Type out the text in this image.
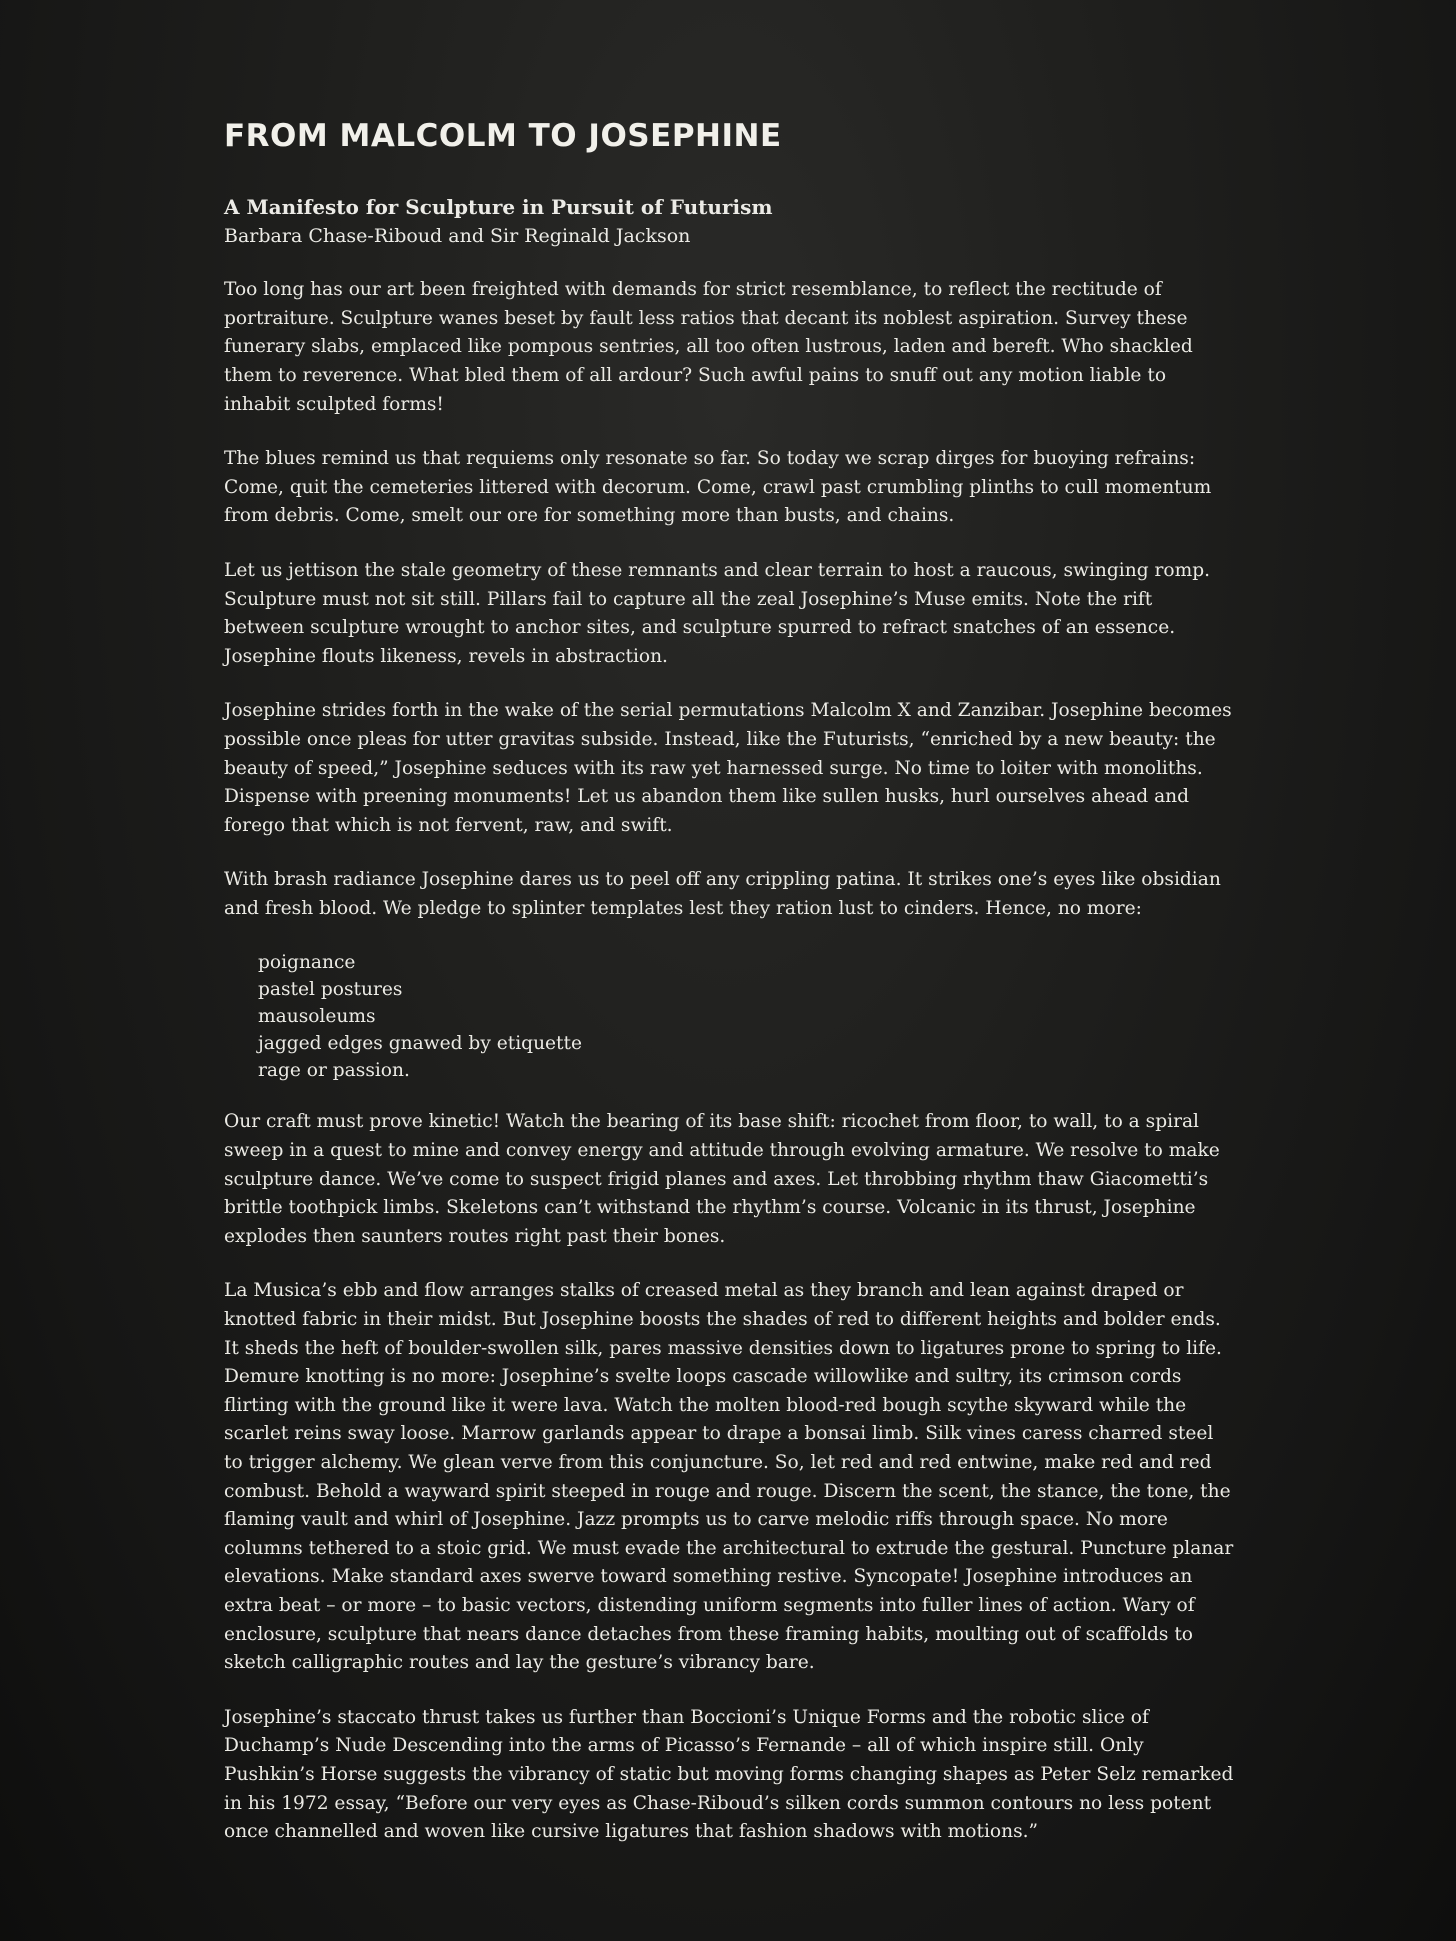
FROM MALCOLM TO JOSEPHINE
A Manifesto for Sculpture in Pursuit of Futurism
Barbara Chase-Riboud and Sir Reginald Jackson

Too long has our art been freighted with demands for strict resemblance, to reflect the rectitude of portraiture. Sculpture wanes beset by fault less ratios that decant its noblest aspiration. Survey these funerary slabs, emplaced like pompous sentries, all too often lustrous, laden and bereft. Who shackled them to reverence. What bled them of all ardour? Such awful pains to snuff out any motion liable to inhabit sculpted forms!

The blues remind us that requiems only resonate so far. So today we scrap dirges for buoying refrains: Come, quit the cemeteries littered with decorum. Come, crawl past crumbling plinths to cull momentum from debris. Come, smelt our ore for something more than busts, and chains.

Let us jettison the stale geometry of these remnants and clear terrain to host a raucous, swinging romp. Sculpture must not sit still. Pillars fail to capture all the zeal Josephine’s Muse emits. Note the rift between sculpture wrought to anchor sites, and sculpture spurred to refract snatches of an essence. Josephine flouts likeness, revels in abstraction.

Josephine strides forth in the wake of the serial permutations Malcolm X and Zanzibar. Josephine becomes possible once pleas for utter gravitas subside. Instead, like the Futurists, “enriched by a new beauty: the beauty of speed,” Josephine seduces with its raw yet harnessed surge. No time to loiter with monoliths. Dispense with preening monuments! Let us abandon them like sullen husks, hurl ourselves ahead and forego that which is not fervent, raw, and swift.

With brash radiance Josephine dares us to peel off any crippling patina. It strikes one’s eyes like obsidian and fresh blood. We pledge to splinter templates lest they ration lust to cinders. Hence, no more:

poignance
pastel postures
mausoleums
jagged edges gnawed by etiquette
rage or passion.

Our craft must prove kinetic! Watch the bearing of its base shift: ricochet from floor, to wall, to a spiral sweep in a quest to mine and convey energy and attitude through evolving armature. We resolve to make sculpture dance. We’ve come to suspect frigid planes and axes. Let throbbing rhythm thaw Giacometti’s brittle toothpick limbs. Skeletons can’t withstand the rhythm’s course. Volcanic in its thrust, Josephine explodes then saunters routes right past their bones.

La Musica’s ebb and flow arranges stalks of creased metal as they branch and lean against draped or knotted fabric in their midst. But Josephine boosts the shades of red to different heights and bolder ends. It sheds the heft of boulder-swollen silk, pares massive densities down to ligatures prone to spring to life. Demure knotting is no more: Josephine’s svelte loops cascade willowlike and sultry, its crimson cords flirting with the ground like it were lava. Watch the molten blood-red bough scythe skyward while the scarlet reins sway loose. Marrow garlands appear to drape a bonsai limb. Silk vines caress charred steel to trigger alchemy. We glean verve from this conjuncture. So, let red and red entwine, make red and red combust. Behold a wayward spirit steeped in rouge and rouge. Discern the scent, the stance, the tone, the flaming vault and whirl of Josephine. Jazz prompts us to carve melodic riffs through space. No more columns tethered to a stoic grid. We must evade the architectural to extrude the gestural. Puncture planar elevations. Make standard axes swerve toward something restive. Syncopate! Josephine introduces an extra beat – or more – to basic vectors, distending uniform segments into fuller lines of action. Wary of enclosure, sculpture that nears dance detaches from these framing habits, moulting out of scaffolds to sketch calligraphic routes and lay the gesture’s vibrancy bare.

Josephine’s staccato thrust takes us further than Boccioni’s Unique Forms and the robotic slice of Duchamp’s Nude Descending into the arms of Picasso’s Fernande – all of which inspire still. Only Pushkin’s Horse suggests the vibrancy of static but moving forms changing shapes as Peter Selz remarked in his 1972 essay, “Before our very eyes as Chase-Riboud’s silken cords summon contours no less potent once channelled and woven like cursive ligatures that fashion shadows with motions.”
